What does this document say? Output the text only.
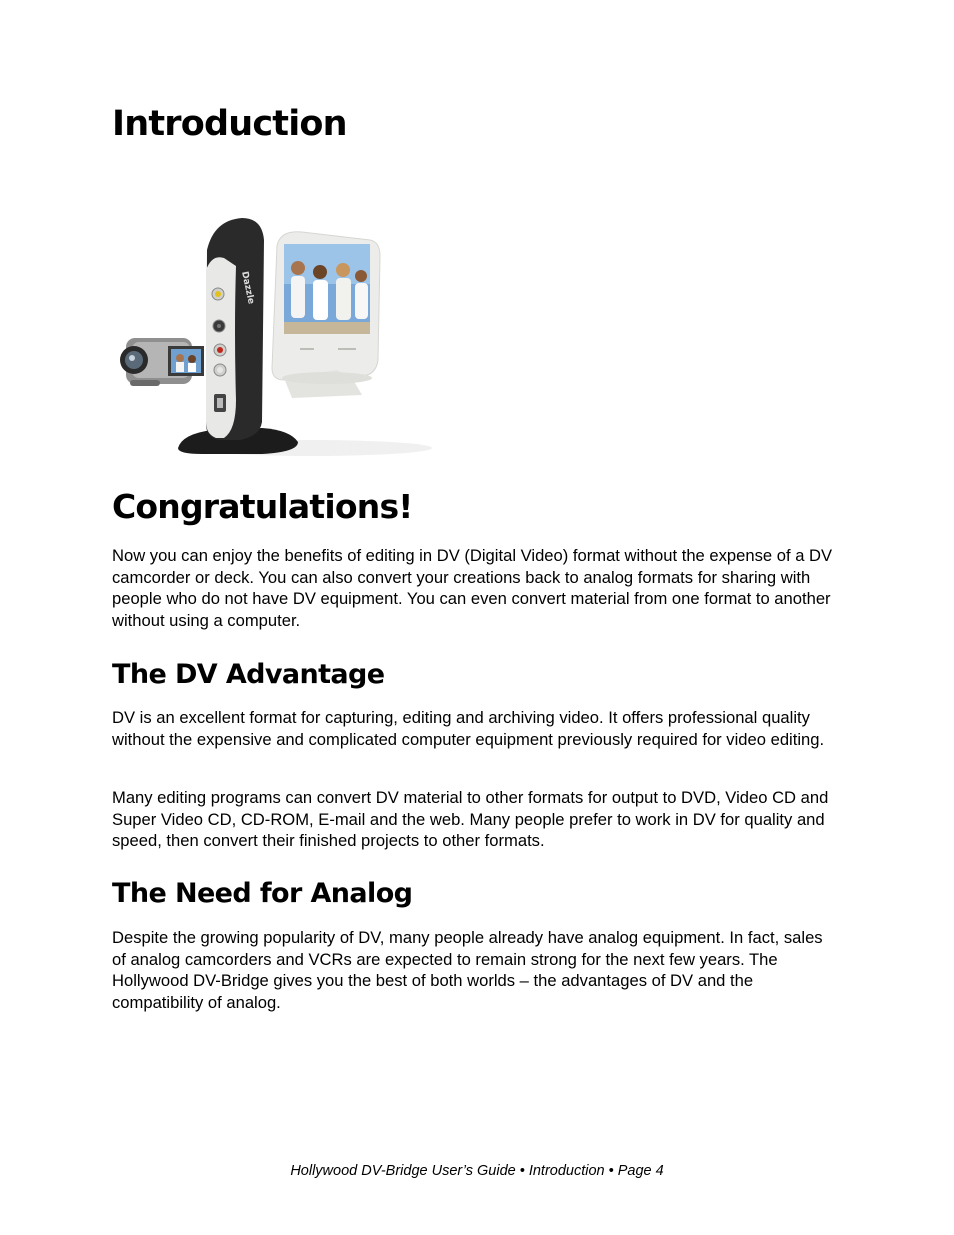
Introduction
Dazzle
Congratulations!

Now you can enjoy the benefits of editing in DV (Digital Video) format without the expense of a DV camcorder or deck. You can also convert your creations back to analog formats for sharing with people who do not have DV equipment. You can even convert material from one format to another without using a computer.

The DV Advantage

DV is an excellent format for capturing, editing and archiving video. It offers professional quality without the expensive and complicated computer equipment previously required for video editing.

Many editing programs can convert DV material to other formats for output to DVD, Video CD and Super Video CD, CD-ROM, E-mail and the web. Many people prefer to work in DV for quality and speed, then convert their finished projects to other formats.

The Need for Analog

Despite the growing popularity of DV, many people already have analog equipment. In fact, sales of analog camcorders and VCRs are expected to remain strong for the next few years. The Hollywood DV-Bridge gives you the best of both worlds – the advantages of DV and the compatibility of analog.

Hollywood DV-Bridge User’s Guide • Introduction • Page 4
